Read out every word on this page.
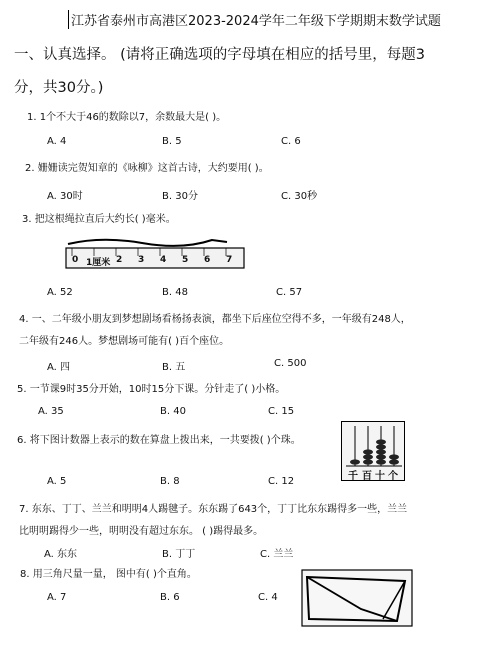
江苏省泰州市高港区2023-2024学年二年级下学期期末数学试题
一、认真选择。 (请将正确选项的字母填在相应的括号里，每题3
分，共30分。)
1. 1个不大于46的数除以7，余数最大是( )。
A. 4	B. 5	C. 6
2. 姗姗读完贺知章的《咏柳》这首古诗，大约要用( )。
A. 30时	B. 30分	C. 30秒
3. 把这根绳拉直后大约长( )毫米。
0 1厘米 2 3 4 5 6 7
A. 52	B. 48	C. 57
4. 一、二年级小朋友到梦想剧场看杨扬表演，都坐下后座位空得不多，一年级有248人，
二年级有246人。梦想剧场可能有( )百个座位。
A. 四	B. 五	C. 500
5. 一节课9时35分开始，10时15分下课。分针走了( )小格。
A. 35	B. 40	C. 15
6. 将下图计数器上表示的数在算盘上拨出来，一共要拨( )个珠。
千 百 十 个
A. 5	B. 8	C. 12
7. 东东、丁丁、兰兰和明明4人踢毽子。东东踢了643个，丁丁比东东踢得多一些，兰兰
比明明踢得少一些，明明没有超过东东。 ( )踢得最多。
A. 东东	B. 丁丁	C. 兰兰
8. 用三角尺量一量， 图中有( )个直角。
A. 7	B. 6	C. 4
